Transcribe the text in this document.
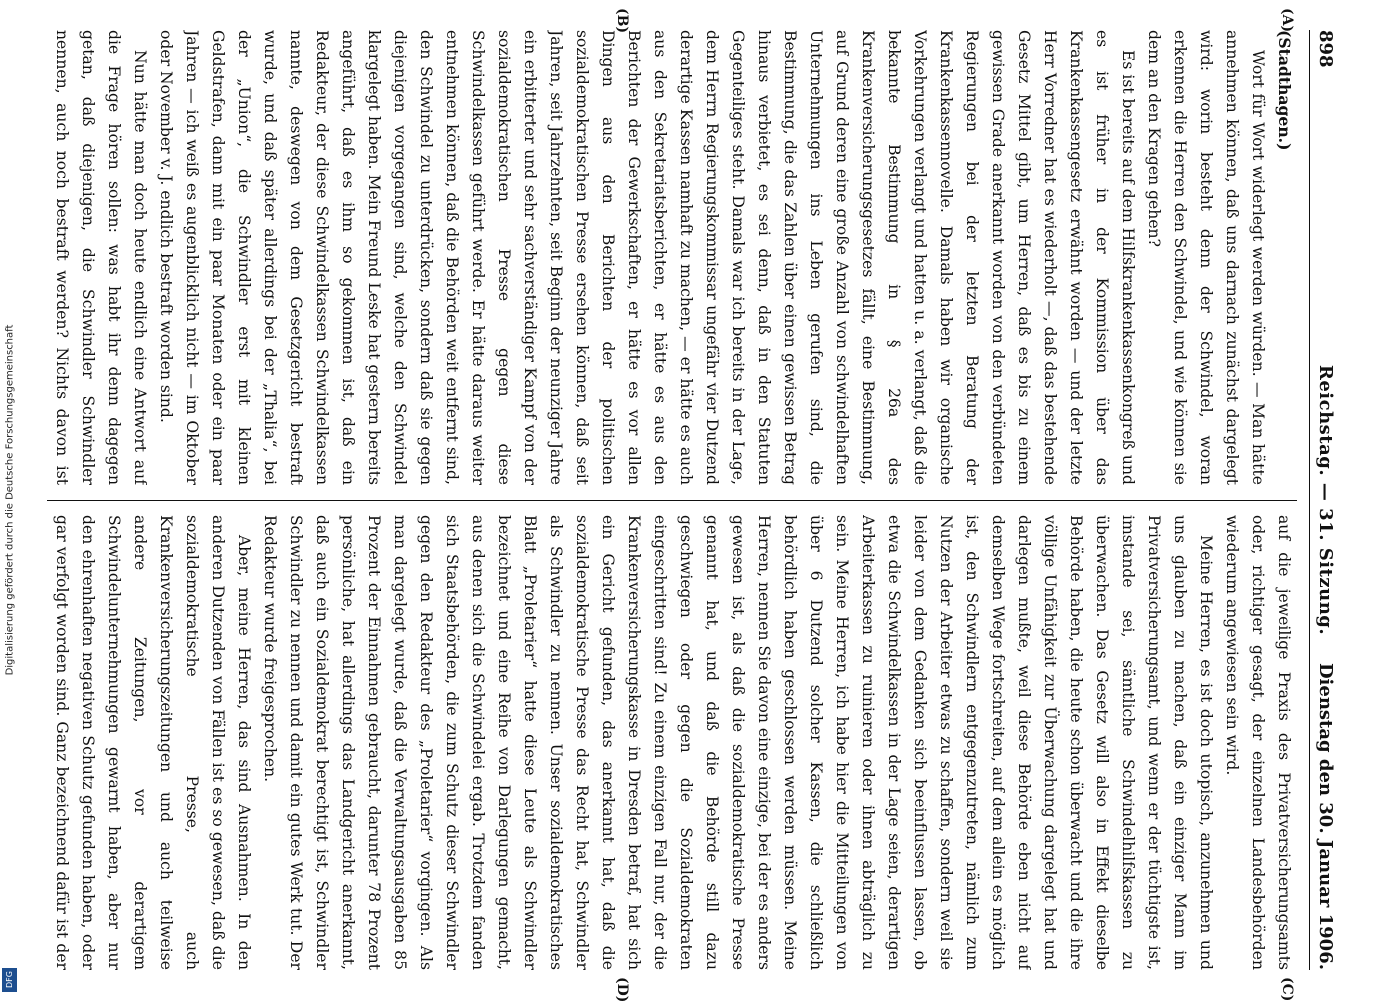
Digitalisierung gefördert durch die Deutsche Forschungsgemeinschaft
DFG
898
Reichstag. — 31. Sitzung.
Dienstag den 30. Januar 1906.
(A)
(B)
(C)
(D)
(Stadthagen.)

Wort für Wort widerlegt werden würden. — Man hätte annehmen können, daß uns darnach zunächst dargelegt wird: worin besteht denn der Schwindel, woran erkennen die Herren den Schwindel, und wie können sie dem an den Kragen gehen?

Es ist bereits auf dem Hilfskrankenkassenkongreß und es ist früher in der Kommission über das Krankenkassengesetz erwähnt worden — und der letzte Herr Vorredner hat es wiederholt —, daß das bestehende Gesetz Mittel gibt, um Herren, daß es bis zu einem gewissen Grade anerkannt worden von den verbündeten Regierungen bei der letzten Beratung der Krankenkassennovelle. Damals haben wir organische Vorkehrungen verlangt und hatten u. a. verlangt, daß die bekannte Bestimmung in § 26a des Krankenversicherungsgesetzes fällt, eine Bestimmung, auf Grund deren eine große Anzahl von schwindelhaften Unternehmungen ins Leben gerufen sind, die Bestimmung, die das Zahlen über einen gewissen Betrag hinaus verbietet, es sei denn, daß in den Statuten Gegenteiliges steht. Damals war ich bereits in der Lage, dem Herrn Regierungskommissar ungefähr vier Dutzend derartige Kassen namhaft zu machen, — er hätte es auch aus den Sekretariatsberichten, er hätte es aus den Berichten der Gewerkschaften, er hätte es vor allen Dingen aus den Berichten der politischen sozialdemokratischen Presse ersehen können, daß seit Jahren, seit Jahrzehnten, seit Beginn der neunziger Jahre ein erbitterter und sehr sachverständiger Kampf von der sozialdemokratischen Presse gegen diese Schwindelkassen geführt werde. Er hätte daraus weiter entnehmen können, daß die Behörden weit entfernt sind, den Schwindel zu unterdrücken, sondern daß sie gegen diejenigen vorgegangen sind, welche den Schwindel klargelegt haben. Mein Freund Leske hat gestern bereits angeführt, daß es ihm so gekommen ist, daß ein Redakteur, der diese Schwindelkassen Schwindelkassen nannte, deswegen von dem Gesetzgericht bestraft wurde, und daß später allerdings bei der „Thalia“, bei der „Union“, die Schwindler erst mit kleinen Geldstrafen, dann mit ein paar Monaten oder ein paar Jahren — ich weiß es augenblicklich nicht — im Oktober oder November v. J. endlich bestraft worden sind.

Nun hätte man doch heute endlich eine Antwort auf die Frage hören sollen: was habt ihr denn dagegen getan, daß diejenigen, die Schwindler Schwindler nennen, auch noch bestraft werden? Nichts davon ist

auf die jeweilige Praxis des Privatversicherungsamts oder, richtiger gesagt, der einzelnen Landesbehörden wiederum angewiesen sein wird.

Meine Herren, es ist doch utopisch, anzunehmen und uns glauben zu machen, daß ein einziger Mann im Privatversicherungsamt, und wenn er der tüchtigste ist, imstande sei, sämtliche Schwindelhilfskassen zu überwachen. Das Gesetz will also in Effekt dieselbe Behörde haben, die heute schon überwacht und die ihre völlige Unfähigkeit zur Überwachung dargelegt hat und darlegen mußte, weil diese Behörde eben nicht auf demselben Wege fortschreiten, auf dem allein es möglich ist, den Schwindlern entgegenzutreten, nämlich zum Nutzen der Arbeiter etwas zu schaffen, sondern weil sie leider von dem Gedanken sich beeinflussen lassen, ob etwa die Schwindelkassen in der Lage seien, derartigen Arbeiterkassen zu ruinieren oder ihnen abträglich zu sein. Meine Herren, ich habe hier die Mitteilungen von über 6 Dutzend solcher Kassen, die schließlich behördlich haben geschlossen werden müssen. Meine Herren, nennen Sie davon eine einzige, bei der es anders gewesen ist, als daß die sozialdemokratische Presse genannt hat, und daß die Behörde still dazu geschwiegen oder gegen die Sozialdemokraten eingeschritten sind! Zu einem einzigen Fall nur, der die Krankenversicherungskasse in Dresden betraf, hat sich ein Gericht gefunden, das anerkannt hat, daß die sozialdemokratische Presse das Recht hat, Schwindler als Schwindler zu nennen. Unser sozialdemokratisches Blatt „Proletarier“ hatte diese Leute als Schwindler bezeichnet und eine Reihe von Darlegungen gemacht, aus denen sich die Schwindelei ergab. Trotzdem fanden sich Staatsbehörden, die zum Schutz dieser Schwindler gegen den Redakteur des „Proletarier“ vorgingen. Als man dargelegt wurde, daß die Verwaltungsausgaben 85 Prozent der Einnahmen gebraucht, darunter 78 Prozent persönliche, hat allerdings das Landgericht anerkannt, daß auch ein Sozialdemokrat berechtigt ist, Schwindler Schwindler zu nennen und damit ein gutes Werk tut. Der Redakteur wurde freigesprochen.

Aber, meine Herren, das sind Ausnahmen. In den anderen Dutzenden von Fällen ist es so gewesen, daß die sozialdemokratische Presse, auch Krankenversicherungszeitungen und auch teilweise andere Zeitungen, vor derartigem Schwindelunternehmungen gewarnt haben, aber nur den ehrenhaften negativen Schutz gefunden haben, oder gar verfolgt worden sind. Ganz bezeichnend dafür ist der
